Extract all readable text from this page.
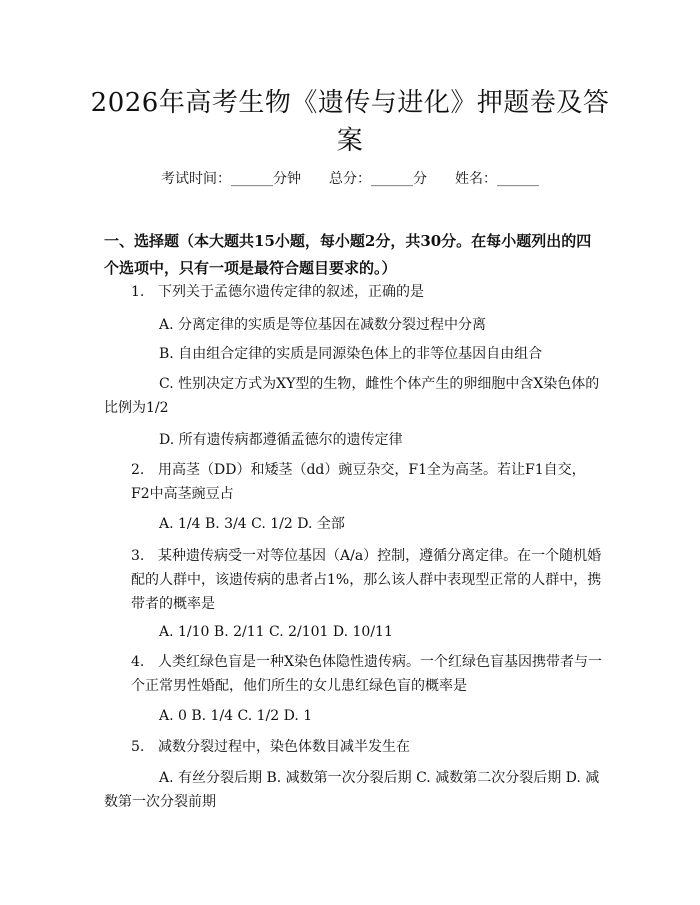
2026年高考生物《遗传与进化》押题卷及答案
考试时间：______分钟 总分：______分 姓名：______
一、选择题（本大题共15小题，每小题2分，共30分。在每小题列出的四个选项中，只有一项是最符合题目要求的。）
1. 下列关于孟德尔遗传定律的叙述，正确的是
A. 分离定律的实质是等位基因在减数分裂过程中分离
B. 自由组合定律的实质是同源染色体上的非等位基因自由组合
C. 性别决定方式为XY型的生物，雌性个体产生的卵细胞中含X染色体的比例为1/2
D. 所有遗传病都遵循孟德尔的遗传定律
2. 用高茎（DD）和矮茎（dd）豌豆杂交，F1全为高茎。若让F1自交，F2中高茎豌豆占
A. 1/4 B. 3/4 C. 1/2 D. 全部
3. 某种遗传病受一对等位基因（A/a）控制，遵循分离定律。在一个随机婚配的人群中，该遗传病的患者占1%，那么该人群中表现型正常的人群中，携带者的概率是
A. 1/10 B. 2/11 C. 2/101 D. 10/11
4. 人类红绿色盲是一种X染色体隐性遗传病。一个红绿色盲基因携带者与一个正常男性婚配，他们所生的女儿患红绿色盲的概率是
A. 0 B. 1/4 C. 1/2 D. 1
5. 减数分裂过程中，染色体数目减半发生在
A. 有丝分裂后期 B. 减数第一次分裂后期 C. 减数第二次分裂后期 D. 减数第一次分裂前期
